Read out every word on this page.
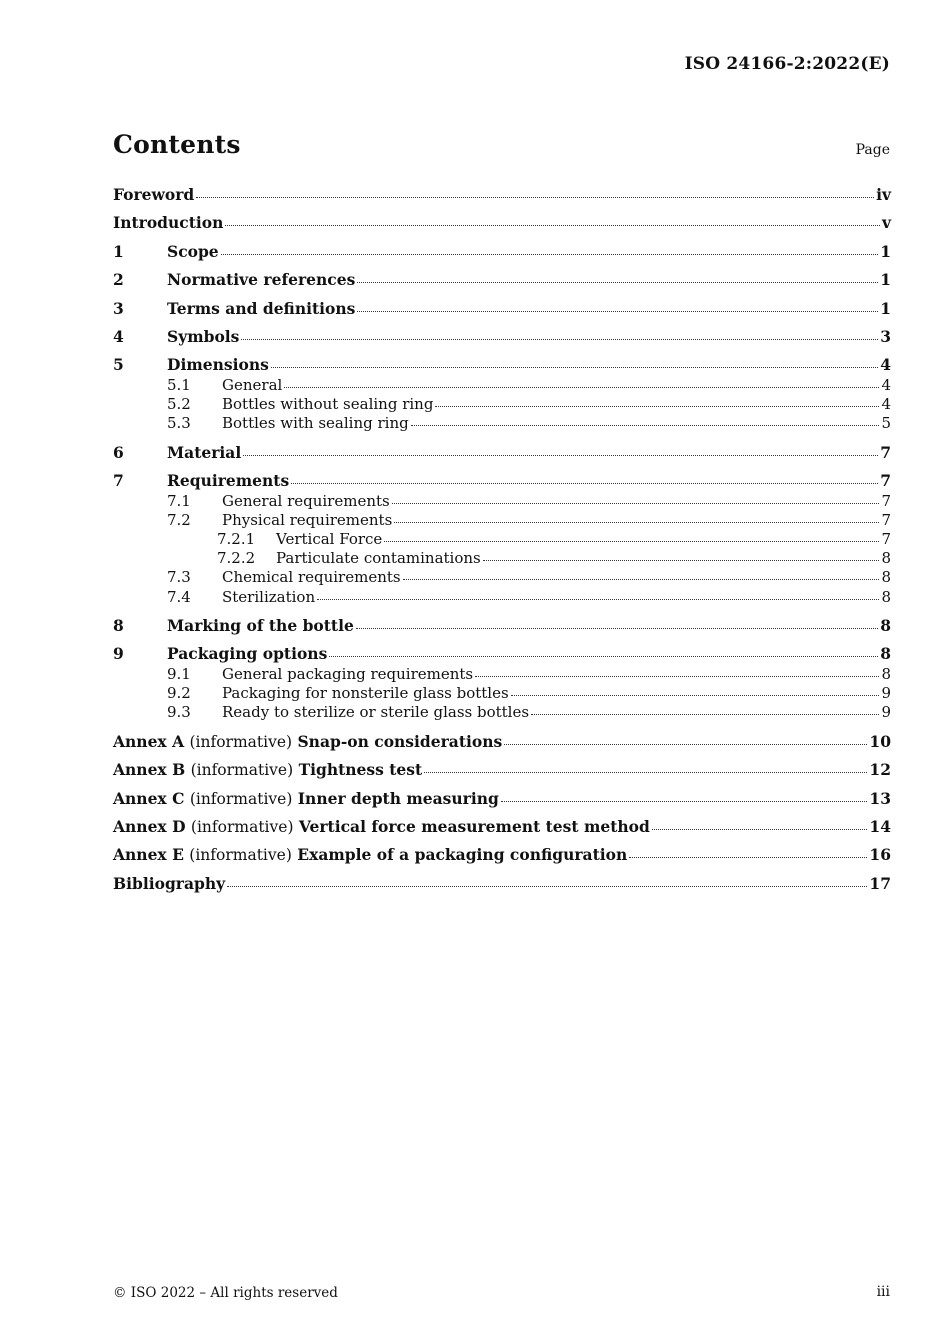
ISO 24166-2:2022(E)
Contents	Page
Foreword	iv
Introduction	v
1	Scope	1
2	Normative references	1
3	Terms and definitions	1
4	Symbols	3
5	Dimensions	4
5.1	General	4
5.2	Bottles without sealing ring	4
5.3	Bottles with sealing ring	5
6	Material	7
7	Requirements	7
7.1	General requirements	7
7.2	Physical requirements	7
7.2.1	Vertical Force	7
7.2.2	Particulate contaminations	8
7.3	Chemical requirements	8
7.4	Sterilization	8
8	Marking of the bottle	8
9	Packaging options	8
9.1	General packaging requirements	8
9.2	Packaging for nonsterile glass bottles	9
9.3	Ready to sterilize or sterile glass bottles	9
Annex A (informative) Snap-on considerations	10
Annex B (informative) Tightness test	12
Annex C (informative) Inner depth measuring	13
Annex D (informative) Vertical force measurement test method	14
Annex E (informative) Example of a packaging configuration	16
Bibliography	17
© ISO 2022 – All rights reserved	iii
